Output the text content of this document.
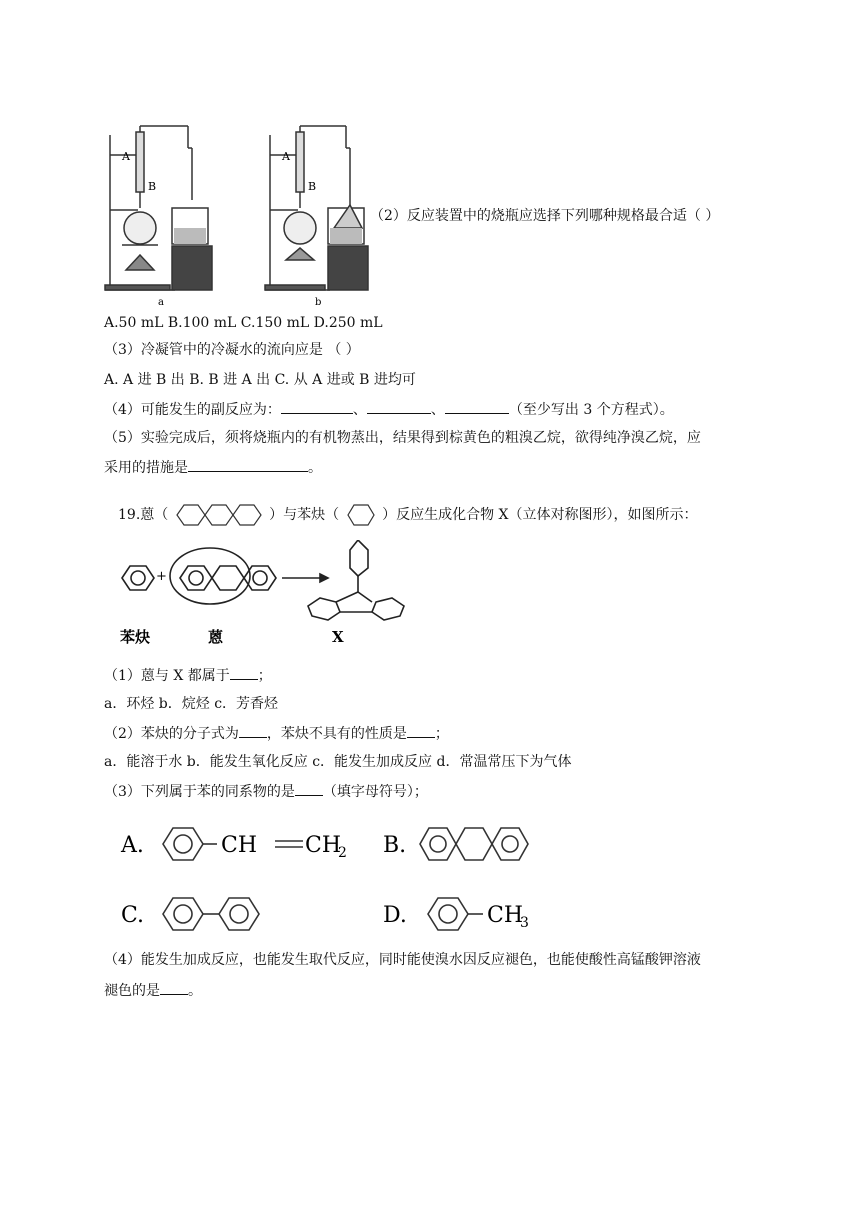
A
B
A
B
a	b
（2）反应装置中的烧瓶应选择下列哪种规格最合适（ ）
A.50 mL B.100 mL C.150 mL D.250 mL
（3）冷凝管中的冷凝水的流向应是 （ ）
A. A 进 B 出 B. B 进 A 出 C. 从 A 进或 B 进均可
（4）可能发生的副反应为：	、	、	（至少写出 3 个方程式）。
（5）实验完成后，须将烧瓶内的有机物蒸出，结果得到棕黄色的粗溴乙烷，欲得纯净溴乙烷，应
采用的措施是	。
19.蒽（	）与苯炔（	）反应生成化合物 X（立体对称图形），如图所示：
+
苯炔	蒽	X
（1）蒽与 X 都属于 ；
a．环烃 b．烷烃 c．芳香烃
（2）苯炔的分子式为 ，苯炔不具有的性质是 ；
a．能溶于水 b．能发生氧化反应 c．能发生加成反应 d．常温常压下为气体
（3）下列属于苯的同系物的是 （填字母符号）；
A.	CH CH
2 B.
C.	D.	CH
3
（4）能发生加成反应，也能发生取代反应，同时能使溴水因反应褪色，也能使酸性高锰酸钾溶液
褪色的是 。
